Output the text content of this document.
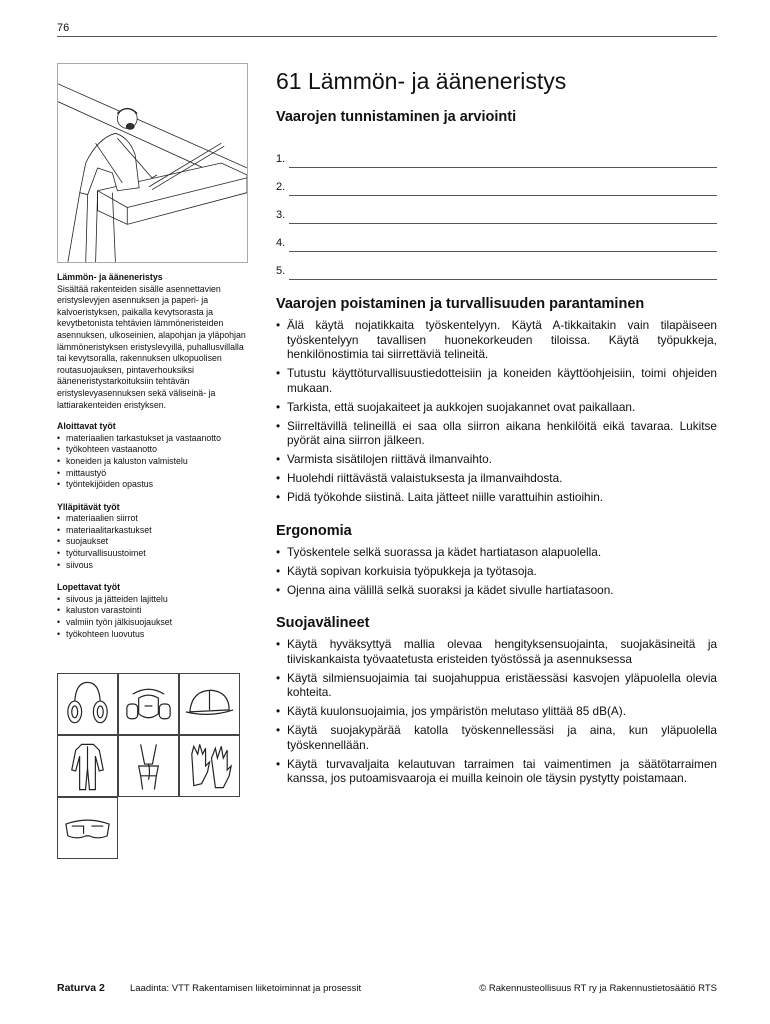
76
Lämmön- ja ääneneristys

Sisältää rakenteiden sisälle asennettavien eristyslevyjen asennuksen ja paperi- ja kalvoeristyksen, paikalla kevytsorasta ja kevytbetonista tehtävien lämmöneristeiden asennuksen, ulkoseinien, alapohjan ja yläpohjan lämmöneristyksen eristyslevyillä, puhallusvillalla tai kevytsoralla, rakennuksen ulkopuolisen routasuojauksen, pintaverhouksiksi ääneneristystarkoituksiin tehtävän eristyslevyasennuksen sekä väliseinä- ja lattiarakenteiden eristyksen.

Aloittavat työt
• materiaalien tarkastukset ja vastaanotto
• työkohteen vastaanotto
• koneiden ja kaluston valmistelu
• mittaustyö
• työntekijöiden opastus
Ylläpitävät työt
• materiaalien siirrot
• materiaalitarkastukset
• suojaukset
• työturvallisuustoimet
• siivous
Lopettavat työt
• siivous ja jätteiden lajittelu
• kaluston varastointi
• valmiin työn jälkisuojaukset
• työkohteen luovutus
61 Lämmön- ja ääneneristys
Vaarojen tunnistaminen ja arviointi
1.
2.
3.
4.
5.
Vaarojen poistaminen ja turvallisuuden parantaminen
• Älä käytä nojatikkaita työskentelyyn. Käytä A-tikkaitakin vain tilapäiseen työskentelyyn tavallisen huonekorkeuden tiloissa. Käytä työpukkeja, henkilönostimia tai siirrettäviä telineitä.
• Tutustu käyttöturvallisuustiedotteisiin ja koneiden käyttöohjeisiin, toimi ohjeiden mukaan.
• Tarkista, että suojakaiteet ja aukkojen suojakannet ovat paikallaan.
• Siirreltävillä telineillä ei saa olla siirron aikana henkilöitä eikä tavaraa. Lukitse pyörät aina siirron jälkeen.
• Varmista sisätilojen riittävä ilmanvaihto.
• Huolehdi riittävästä valaistuksesta ja ilmanvaihdosta.
• Pidä työkohde siistinä. Laita jätteet niille varattuihin astioihin.
Ergonomia
• Työskentele selkä suorassa ja kädet hartiatason alapuolella.
• Käytä sopivan korkuisia työpukkeja ja työtasoja.
• Ojenna aina välillä selkä suoraksi ja kädet sivulle hartiatasoon.
Suojavälineet
• Käytä hyväksyttyä mallia olevaa hengityksensuojainta, suojakäsineitä ja tiiviskankaista työvaatetusta eristeiden työstössä ja asennuksessa
• Käytä silmiensuojaimia tai suojahuppua eristäessäsi kasvojen yläpuolella olevia kohteita.
• Käytä kuulonsuojaimia, jos ympäristön melutaso ylittää 85 dB(A).
• Käytä suojakypärää katolla työskennellessäsi ja aina, kun yläpuolella työskennellään.
• Käytä turvavaljaita kelautuvan tarraimen tai vaimentimen ja säätötarraimen kanssa, jos putoamisvaaroja ei muilla keinoin ole täysin pystytty poistamaan.
Raturva 2	Laadinta: VTT Rakentamisen liiketoiminnat ja prosessit	© Rakennusteollisuus RT ry ja Rakennustietosäätiö RTS
